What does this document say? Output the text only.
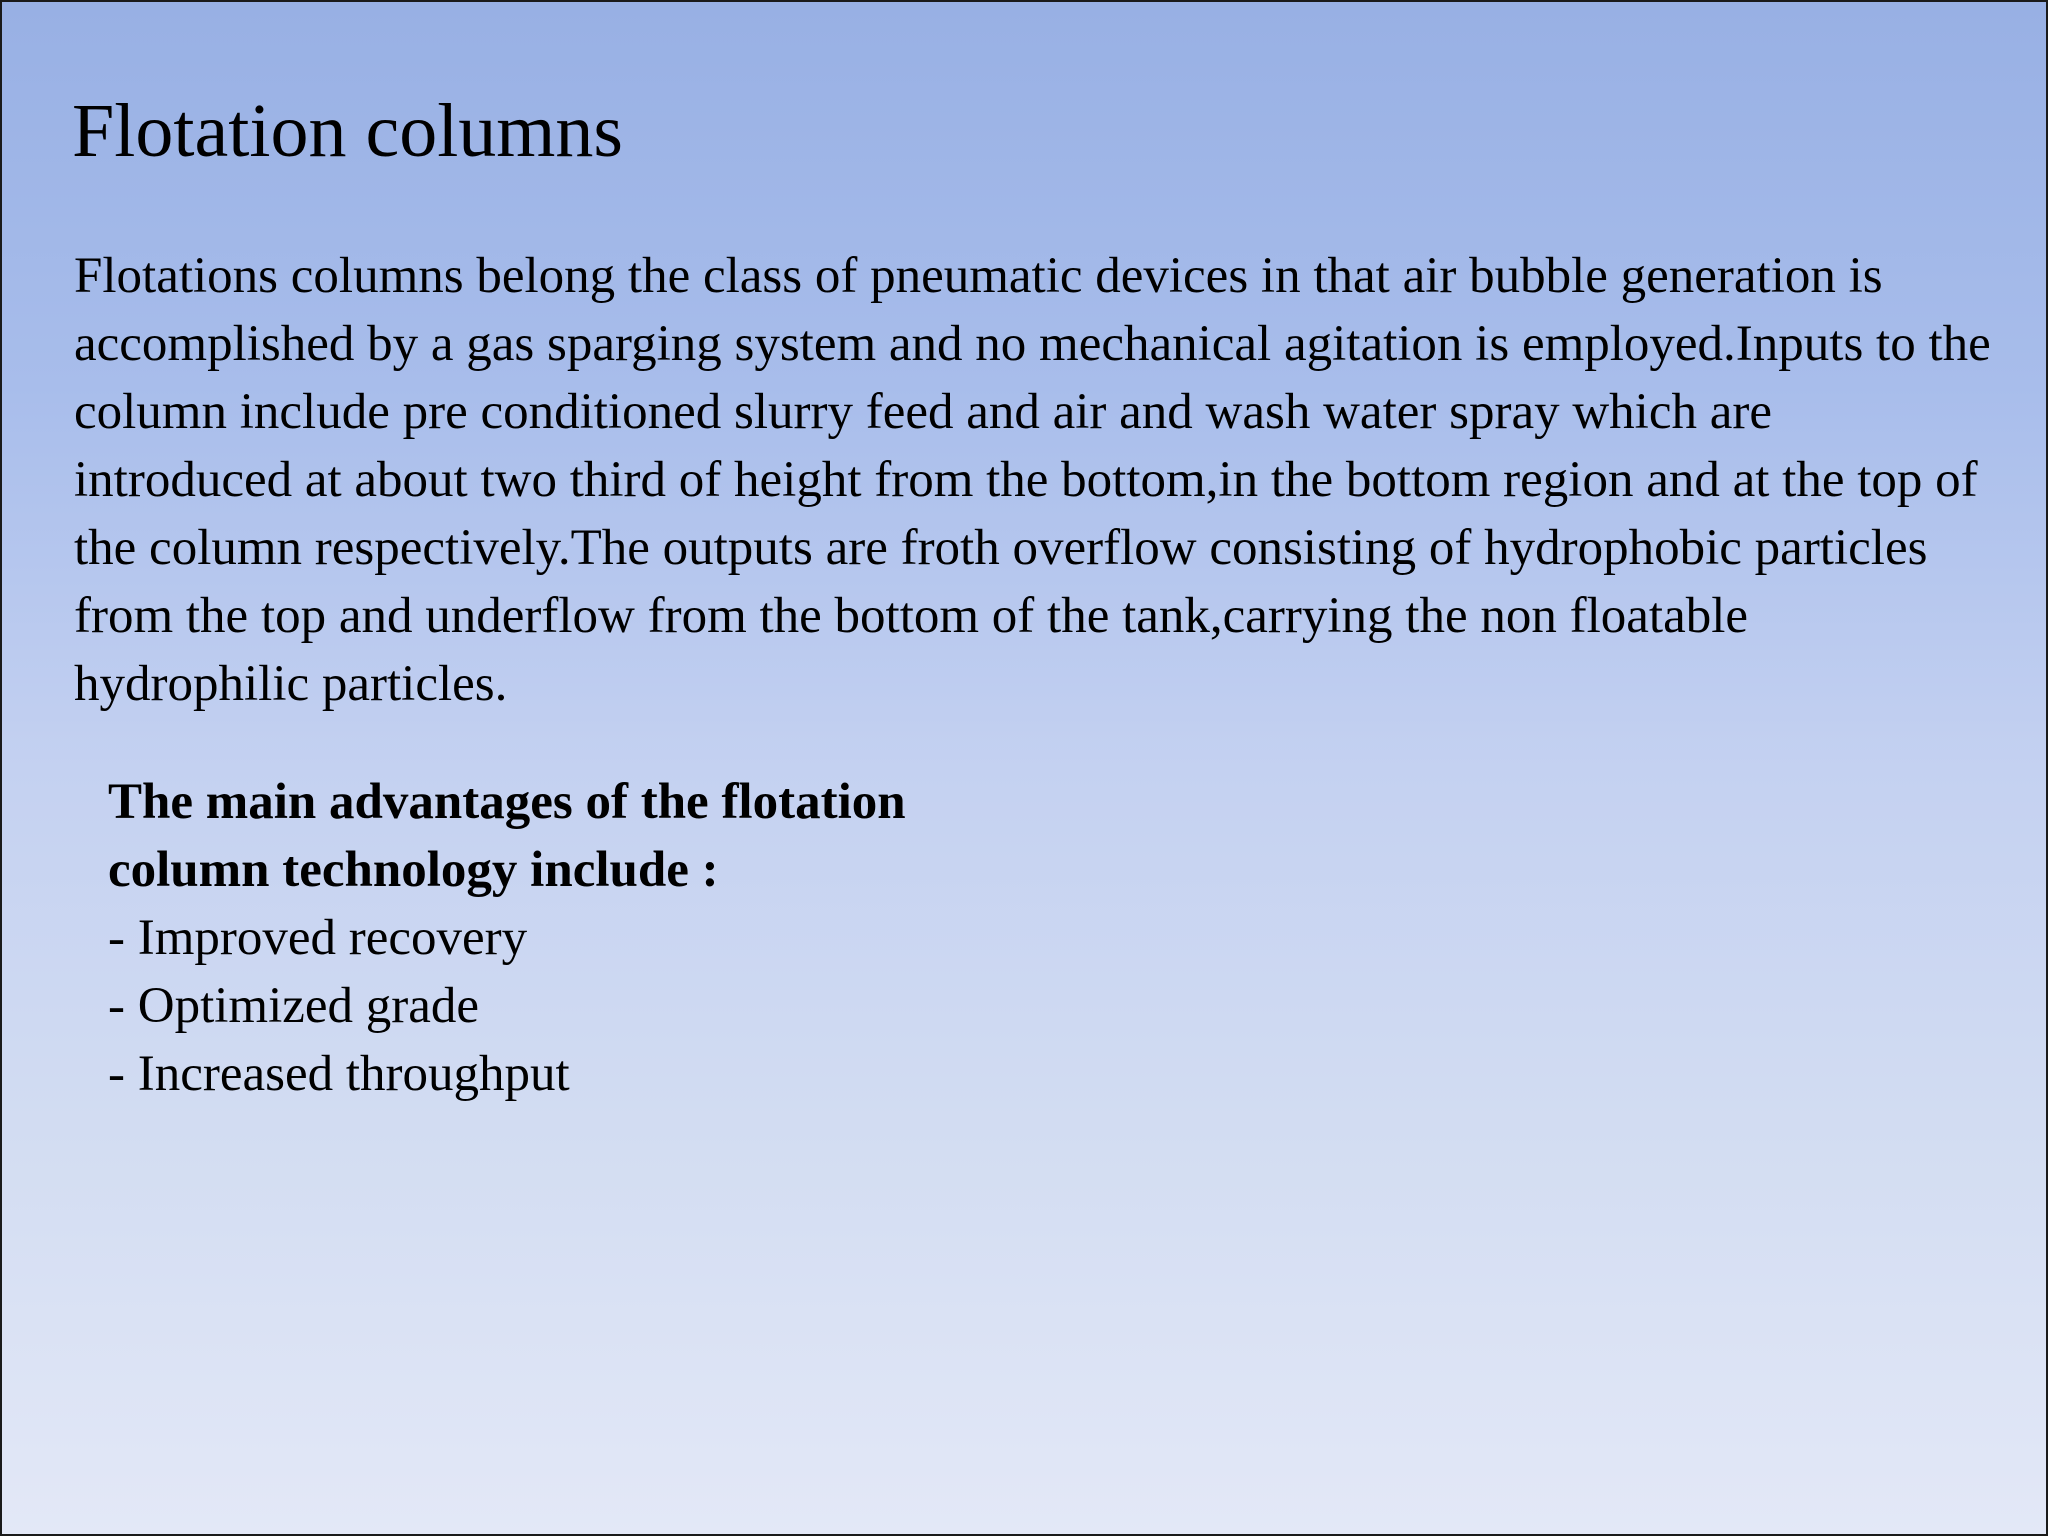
Flotation columns

Flotations columns belong the class of pneumatic devices in that air bubble generation is accomplished by a gas sparging system and no mechanical agitation is employed.Inputs to the column include pre conditioned slurry feed and air and wash water spray which are introduced at about two third of height from the bottom,in the bottom region and at the top of the column respectively.The outputs are froth overflow consisting of hydrophobic particles from the top and underflow from the bottom of the tank,carrying the non floatable hydrophilic particles.

The main advantages of the flotation
column technology include :

- Improved recovery
- Optimized grade
- Increased throughput
